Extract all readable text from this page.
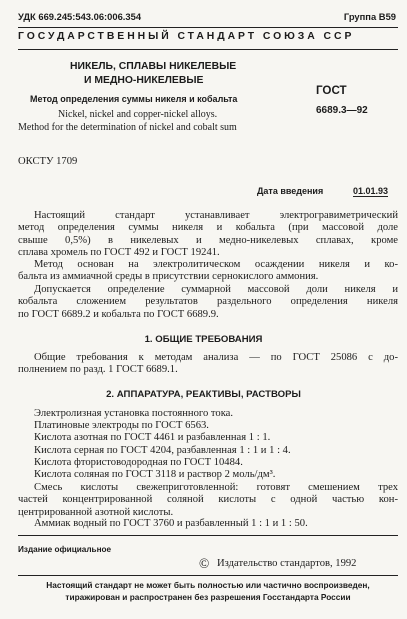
УДК 669.245:543.06:006.354	Группа В59
ГОСУДАРСТВЕННЫЙ СТАНДАРТ СОЮЗА ССР
НИКЕЛЬ, СПЛАВЫ НИКЕЛЕВЫЕ
И МЕДНО-НИКЕЛЕВЫЕ
Метод определения суммы никеля и кобальта
Nickel, nickel and copper-nickel alloys.
Method for the determination of nickel and cobalt sum
ГОСТ
6689.3—92
ОКСТУ 1709
Дата введения	01.01.93
Настоящий стандарт устанавливает электрогравиметрический
метод определения суммы никеля и кобальта (при массовой доле
свыше 0,5%) в никелевых и медно-никелевых сплавах, кроме
сплава хромель по ГОСТ 492 и ГОСТ 19241.
Метод основан на электролитическом осаждении никеля и ко-
бальта из аммиачной среды в присутствии сернокислого аммония.
Допускается определение суммарной массовой доли никеля и
кобальта сложением результатов раздельного определения никеля
по ГОСТ 6689.2 и кобальта по ГОСТ 6689.9.
1. ОБЩИЕ ТРЕБОВАНИЯ
Общие требования к методам анализа — по ГОСТ 25086 с до-
полнением по разд. 1 ГОСТ 6689.1.
2. АППАРАТУРА, РЕАКТИВЫ, РАСТВОРЫ
Электролизная установка постоянного тока.
Платиновые электроды по ГОСТ 6563.
Кислота азотная по ГОСТ 4461 и разбавленная 1 : 1.
Кислота серная по ГОСТ 4204, разбавленная 1 : 1 и 1 : 4.
Кислота фтористоводородная по ГОСТ 10484.
Кислота соляная по ГОСТ 3118 и раствор 2 моль/дм³.
Смесь кислоты свежеприготовленной: готовят смешением трех
частей концентрированной соляной кислоты с одной частью кон-
центрированной азотной кислоты.
Аммиак водный по ГОСТ 3760 и разбавленный 1 : 1 и 1 : 50.
Издание официальное
© Издательство стандартов, 1992
Настоящий стандарт не может быть полностью или частично воспроизведен,
тиражирован и распространен без разрешения Госстандарта России
